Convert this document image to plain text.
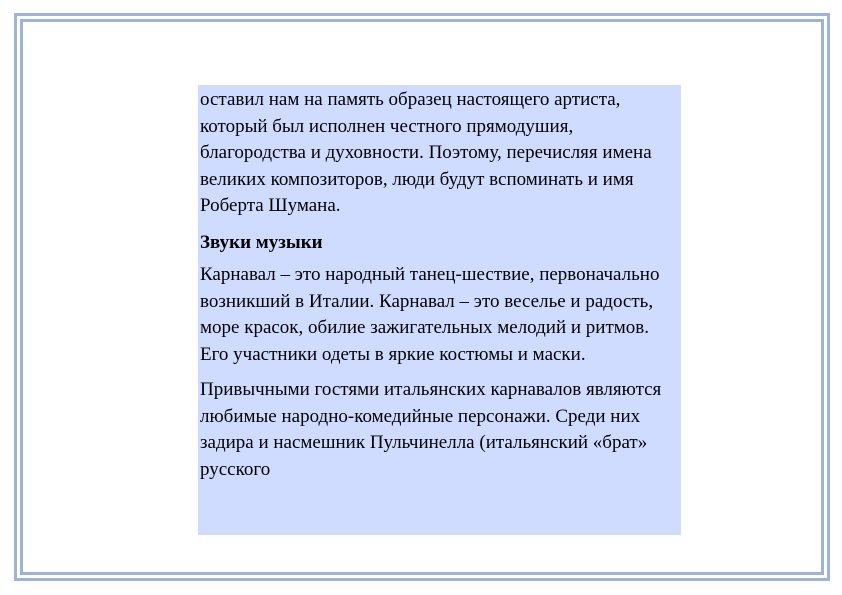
оставил нам на память образец настоящего артиста, который был исполнен честного прямодушия, благородства и духовности. Поэтому, перечисляя имена великих композиторов, люди будут вспоминать и имя Роберта Шумана.

Звуки музыки

Карнавал – это народный танец-шествие, первоначально возникший в Италии. Карнавал – это веселье и радость, море красок, обилие зажигательных мелодий и ритмов. Его участники одеты в яркие костюмы и маски.

Привычными гостями итальянских карнавалов являются любимые народно-комедийные персонажи. Среди них задира и насмешник Пульчинелла (итальянский «брат» русского
